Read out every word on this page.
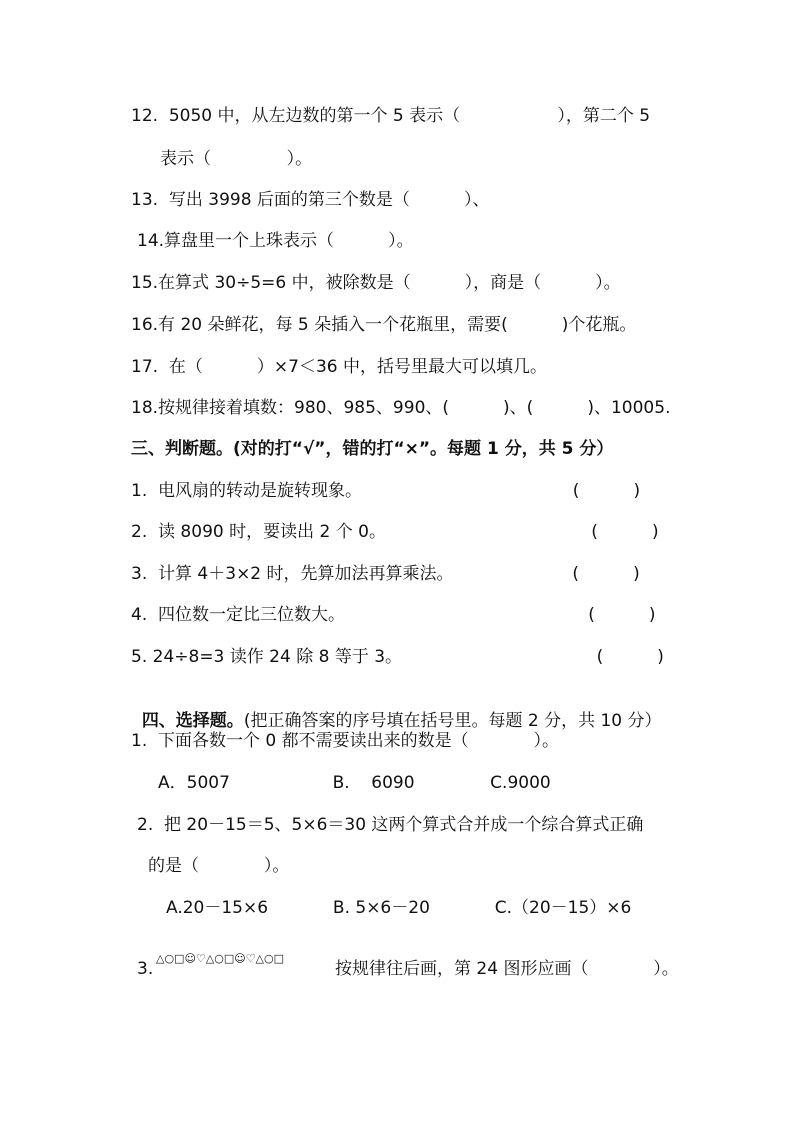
12.  5050 中，从左边数的第一个 5 表示（                  ），第二个 5
表示（              ）。
13.  写出 3998 后面的第三个数是（          ）、
14.算盘里一个上珠表示（          ）。
15.在算式 30÷5=6 中，被除数是（          ），商是（          ）。
16.有 20 朵鲜花，每 5 朵插入一个花瓶里，需要(          )个花瓶。
17.  在（          ）×7＜36 中，括号里最大可以填几。
18.按规律接着填数：980、985、990、(          )、(          )、10005.
三、判断题。(对的打“√”，错的打“×”。每题 1 分，共 5 分）
1.  电风扇的转动是旋转现象。                                       (          )
2.  读 8090 时，要读出 2 个 0。                                      (          )
3.  计算 4＋3×2 时，先算加法再算乘法。                      (          )
4.  四位数一定比三位数大。                                             (          )
5. 24÷8=3 读作 24 除 8 等于 3。                                    (          )

四、选择题。(把正确答案的序号填在括号里。每题 2 分，共 10 分）

1.  下面各数一个 0 都不需要读出来的数是（            ）。
A．5007                   B.    6090              C.9000
2.  把 20－15＝5、5×6＝30 这两个算式合并成一个综合算式正确
的是（            ）。
A.20－15×6            B. 5×6－20            C.（20－15）×6
3.
△○□☺♡△○□☺♡△○□
按规律往后画，第 24 图形应画（            ）。
